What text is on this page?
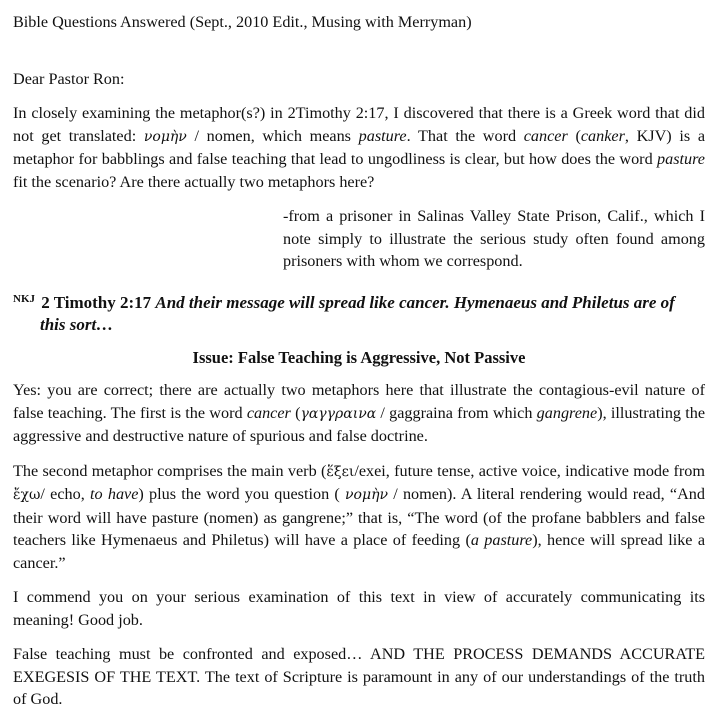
Bible Questions Answered (Sept., 2010 Edit., Musing with Merryman)

Dear Pastor Ron:

In closely examining the metaphor(s?) in 2Timothy 2:17, I discovered that there is a Greek word that did not get translated: νομὴν / nomen, which means pasture. That the word cancer (canker, KJV) is a metaphor for babblings and false teaching that lead to ungodliness is clear, but how does the word pasture fit the scenario? Are there actually two metaphors here?

-from a prisoner in Salinas Valley State Prison, Calif., which I note simply to illustrate the serious study often found among prisoners with whom we correspond.

$^{NKJ}$ 2 Timothy 2:17 And their message will spread like cancer. Hymenaeus and Philetus are of
this sort…

Issue: False Teaching is Aggressive, Not Passive

Yes: you are correct; there are actually two metaphors here that illustrate the contagious-evil nature of false teaching. The first is the word cancer (γαγγραινα / gaggraina from which gangrene), illustrating the aggressive and destructive nature of spurious and false doctrine.

The second metaphor comprises the main verb (ἕξει/exei, future tense, active voice, indicative mode from ἔχω/ echo, to have) plus the word you question ( νομὴν / nomen). A literal rendering would read, “And their word will have pasture (nomen) as gangrene;” that is, “The word (of the profane babblers and false teachers like Hymenaeus and Philetus) will have a place of feeding (a pasture), hence will spread like a cancer.”

I commend you on your serious examination of this text in view of accurately communicating its meaning! Good job.

False teaching must be confronted and exposed… AND THE PROCESS DEMANDS ACCURATE EXEGESIS OF THE TEXT. The text of Scripture is paramount in any of our understandings of the truth of God.
